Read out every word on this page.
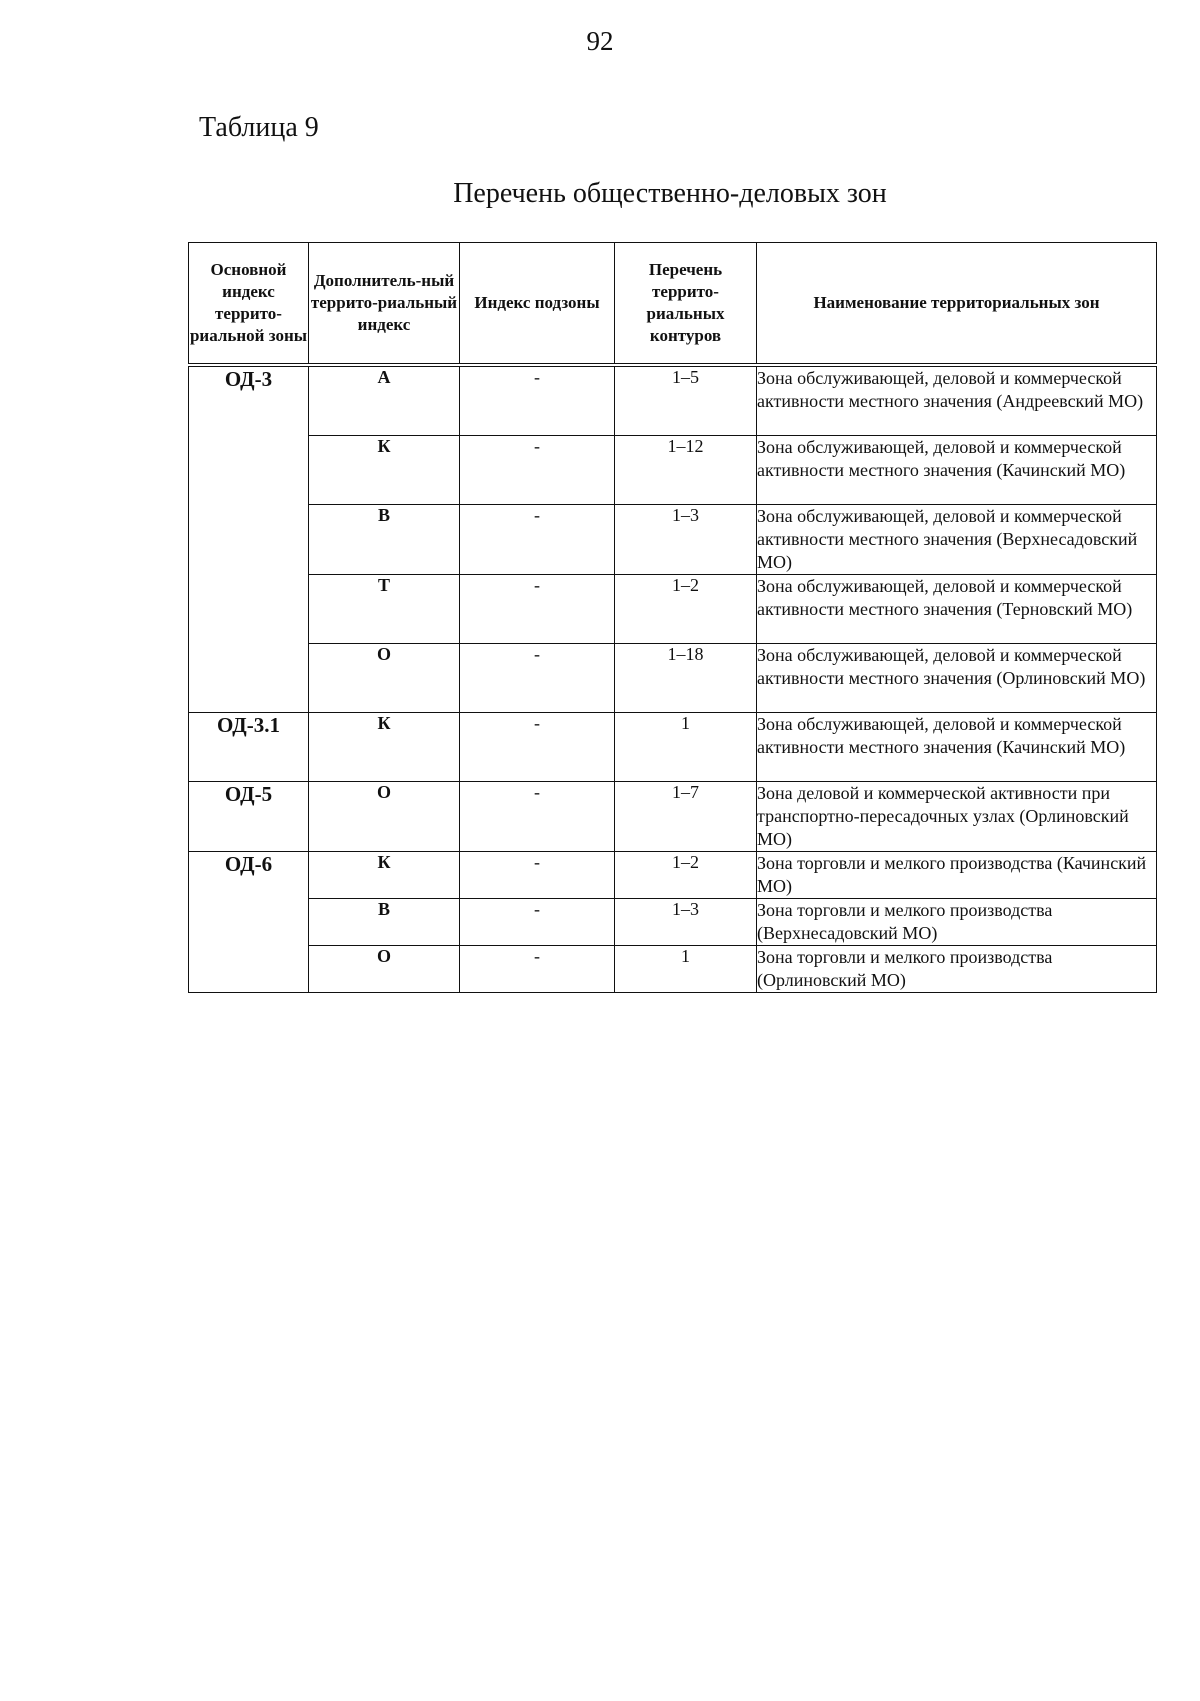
92
Таблица 9
Перечень общественно-деловых зон
Основной индекс террито-риальной зоны	Дополнитель-ный террито-риальный индекс	Индекс подзоны	Перечень террито-риальных контуров	Наименование территориальных зон
ОД-3	А	-	1–5	Зона обслуживающей, деловой и коммерческой активности местного значения (Андреевский МО)
	К	-	1–12	Зона обслуживающей, деловой и коммерческой активности местного значения (Качинский МО)
	В	-	1–3	Зона обслуживающей, деловой и коммерческой активности местного значения (Верхнесадовский МО)
	Т	-	1–2	Зона обслуживающей, деловой и коммерческой активности местного значения (Терновский МО)
	О	-	1–18	Зона обслуживающей, деловой и коммерческой активности местного значения (Орлиновский МО)
ОД-3.1	К	-	1	Зона обслуживающей, деловой и коммерческой активности местного значения (Качинский МО)
ОД-5	О	-	1–7	Зона деловой и коммерческой активности при транспортно-пересадочных узлах (Орлиновский МО)
ОД-6	К	-	1–2	Зона торговли и мелкого производства (Качинский МО)
	В	-	1–3	Зона торговли и мелкого производства (Верхнесадовский МО)
	О	-	1	Зона торговли и мелкого производства (Орлиновский МО)
